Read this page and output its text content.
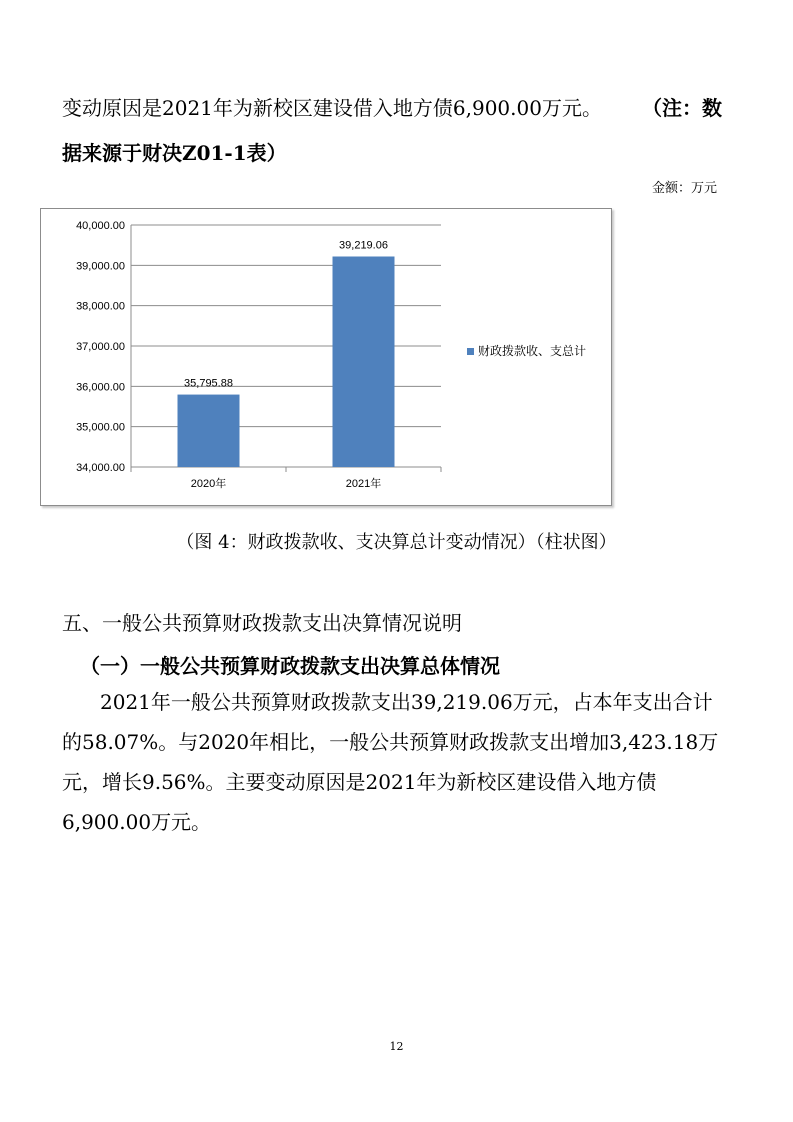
变动原因是2021年为新校区建设借入地方债6,900.00万元。 （注：数
据来源于财决Z01-1表）
金额：万元
34,000.00
35,000.00
36,000.00
37,000.00
38,000.00
39,000.00
40,000.00
35,795.88
2020年
39,219.06
2021年
财政拨款收、支总计
（图 4：财政拨款收、支决算总计变动情况）（柱状图）
五、一般公共预算财政拨款支出决算情况说明
（一）一般公共预算财政拨款支出决算总体情况
2021年一般公共预算财政拨款支出39,219.06万元，占本年支出合计
的58.07%。与2020年相比，一般公共预算财政拨款支出增加3,423.18万
元，增长9.56%。主要变动原因是2021年为新校区建设借入地方债
6,900.00万元。
12
